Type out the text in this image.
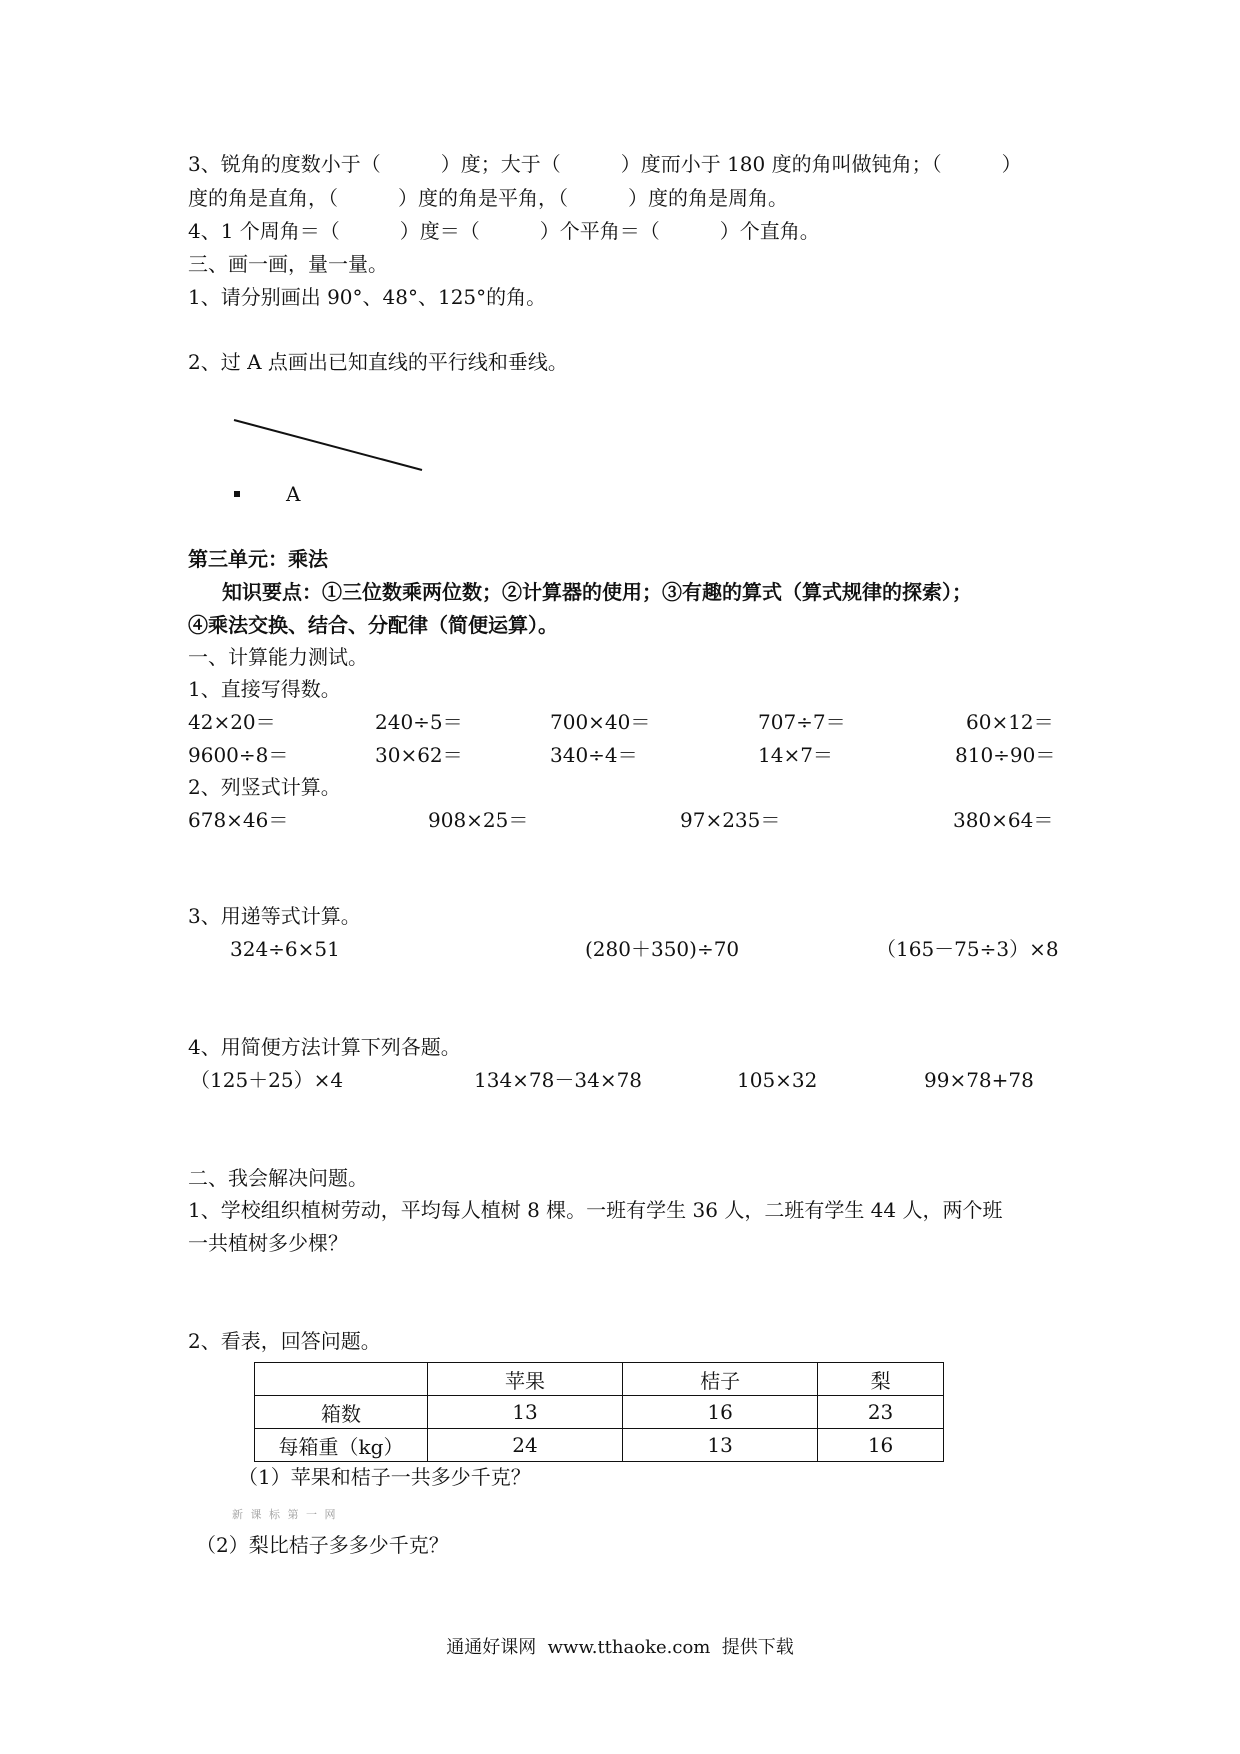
3、锐角的度数小于（　　　）度；大于（　　　）度而小于 180 度的角叫做钝角；（　　　）
度的角是直角，（　　　）度的角是平角，（　　　）度的角是周角。
4、1 个周角＝（　　　）度＝（　　　）个平角＝（　　　）个直角。
三、画一画，量一量。
1、请分别画出 90°、48°、125°的角。
2、过 A 点画出已知直线的平行线和垂线。
A
第三单元：乘法
知识要点：①三位数乘两位数；②计算器的使用；③有趣的算式（算式规律的探索）；
④乘法交换、结合、分配律（简便运算）。
一、计算能力测试。
1、直接写得数。
42×20＝	240÷5＝	700×40＝	707÷7＝	60×12＝
9600÷8＝	30×62＝	340÷4＝	14×7＝	810÷90＝
2、列竖式计算。
678×46＝	908×25＝	97×235＝	380×64＝
3、用递等式计算。
324÷6×51	(280＋350)÷70	（165－75÷3）×8
4、用简便方法计算下列各题。
（125＋25）×4	134×78－34×78	105×32	99×78+78
二、我会解决问题。
1、学校组织植树劳动，平均每人植树 8 棵。一班有学生 36 人，二班有学生 44 人，两个班
一共植树多少棵？
2、看表，回答问题。
	苹果	桔子	梨
箱数	13	16	23
每箱重（kg）	24	13	16
（1）苹果和桔子一共多少千克？
新 课 标 第 一 网
（2）梨比桔子多多少千克？
通通好课网  www.tthaoke.com  提供下载
